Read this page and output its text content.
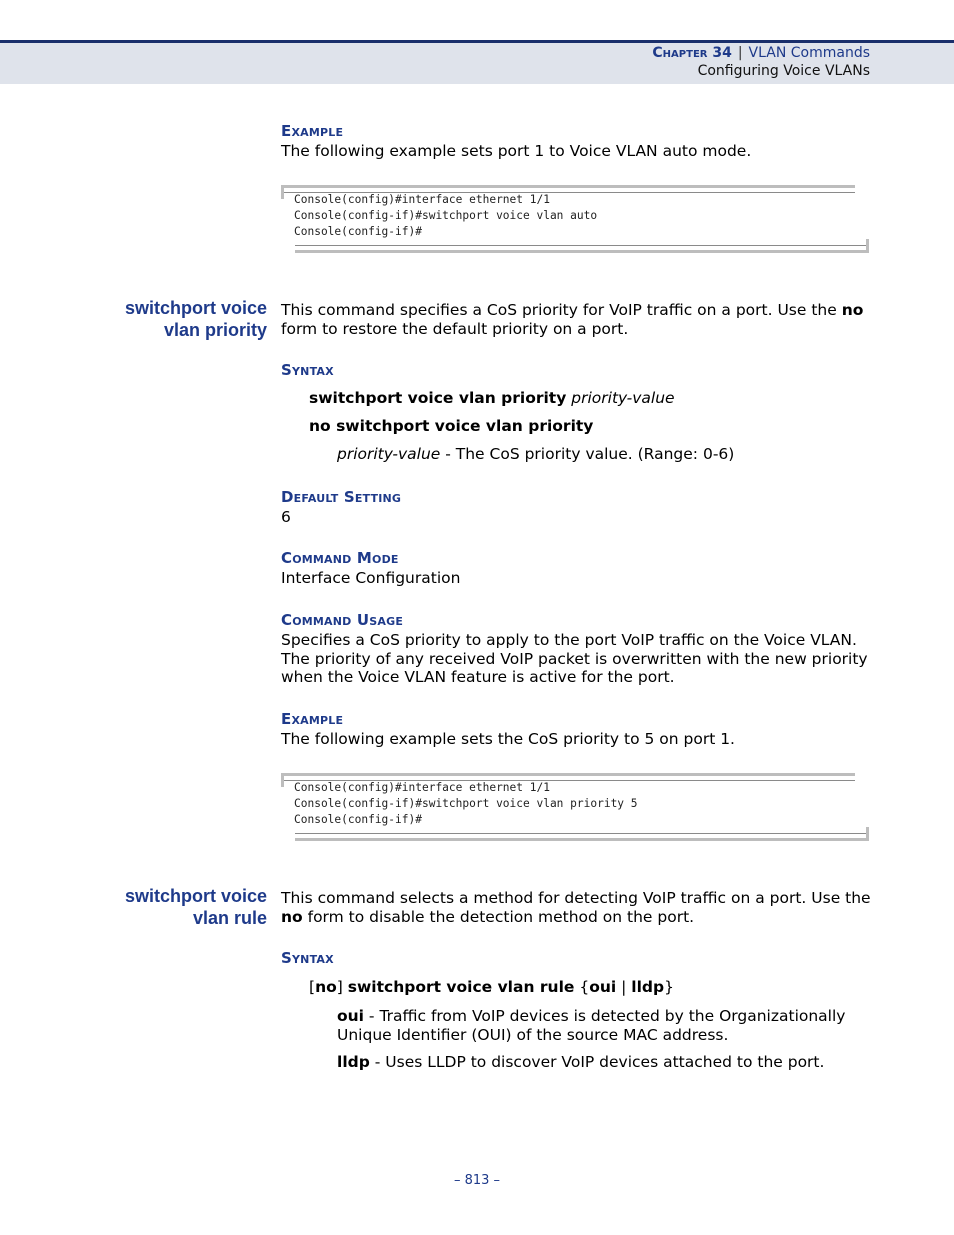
Chapter 34 | VLAN Commands
Configuring Voice VLANs
Example
The following example sets port 1 to Voice VLAN auto mode.
Console(config)#interface ethernet 1/1
Console(config-if)#switchport voice vlan auto
Console(config-if)#
switchport voice
vlan priority
This command specifies a CoS priority for VoIP traffic on a port. Use the no form to restore the default priority on a port.
Syntax
switchport voice vlan priority priority-value
no switchport voice vlan priority
priority-value - The CoS priority value. (Range: 0-6)
Default Setting
6
Command Mode
Interface Configuration
Command Usage
Specifies a CoS priority to apply to the port VoIP traffic on the Voice VLAN. The priority of any received VoIP packet is overwritten with the new priority when the Voice VLAN feature is active for the port.
Example
The following example sets the CoS priority to 5 on port 1.
Console(config)#interface ethernet 1/1
Console(config-if)#switchport voice vlan priority 5
Console(config-if)#
switchport voice
vlan rule
This command selects a method for detecting VoIP traffic on a port. Use the no form to disable the detection method on the port.
Syntax
[no] switchport voice vlan rule {oui | lldp}
oui - Traffic from VoIP devices is detected by the Organizationally Unique Identifier (OUI) of the source MAC address.
lldp - Uses LLDP to discover VoIP devices attached to the port.
– 813 –
